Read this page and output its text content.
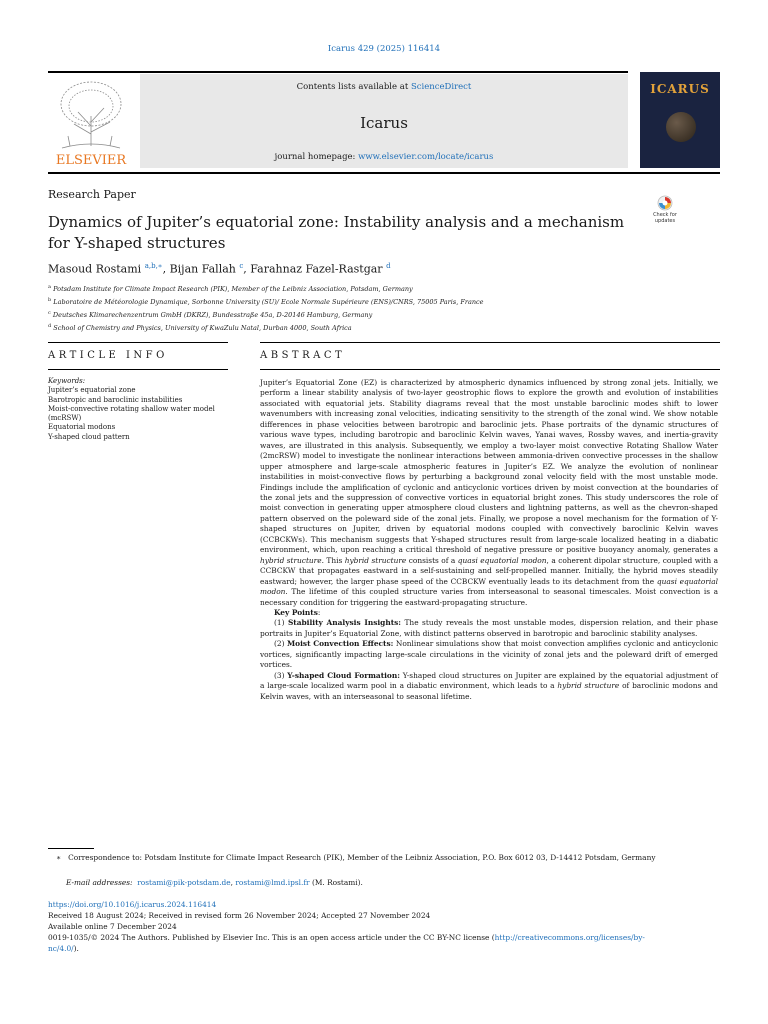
Icarus 429 (2025) 116414
ELSEVIER
Contents lists available at ScienceDirect
Icarus
journal homepage: www.elsevier.com/locate/icarus
ICARUS
Research Paper
Dynamics of Jupiter’s equatorial zone: Instability analysis and a mechanism for Y-shaped structures
Check for
updates
Masoud Rostami $^{a,b,∗}$, Bijan Fallah $^c$, Farahnaz Fazel-Rastgar $^d$
$^a$ Potsdam Institute for Climate Impact Research (PIK), Member of the Leibniz Association, Potsdam, Germany
$^b$ Laboratoire de Météorologie Dynamique, Sorbonne University (SU)/ Ecole Normale Supérieure (ENS)/CNRS, 75005 Paris, France
$^c$ Deutsches Klimarechenzentrum GmbH (DKRZ), Bundesstraße 45a, D-20146 Hamburg, Germany
$^d$ School of Chemistry and Physics, University of KwaZulu Natal, Durban 4000, South Africa
ARTICLE INFO
Keywords:
Jupiter’s equatorial zone
Barotropic and baroclinic instabilities
Moist-convective rotating shallow water model
(mcRSW)
Equatorial modons
Y-shaped cloud pattern
ABSTRACT

Jupiter’s Equatorial Zone (EZ) is characterized by atmospheric dynamics influenced by strong zonal jets. Initially, we perform a linear stability analysis of two-layer geostrophic flows to explore the growth and evolution of instabilities associated with equatorial jets. Stability diagrams reveal that the most unstable baroclinic modes shift to lower wavenumbers with increasing zonal velocities, indicating sensitivity to the strength of the zonal wind. We show notable differences in phase velocities between barotropic and baroclinic jets. Phase portraits of the dynamic structures of various wave types, including barotropic and baroclinic Kelvin waves, Yanai waves, Rossby waves, and inertia-gravity waves, are illustrated in this analysis. Subsequently, we employ a two-layer moist convective Rotating Shallow Water (2mcRSW) model to investigate the nonlinear interactions between ammonia-driven convective processes in the shallow upper atmosphere and large-scale atmospheric features in Jupiter’s EZ. We analyze the evolution of nonlinear instabilities in moist-convective flows by perturbing a background zonal velocity field with the most unstable mode. Findings include the amplification of cyclonic and anticyclonic vortices driven by moist convection at the boundaries of the zonal jets and the suppression of convective vortices in equatorial bright zones. This study underscores the role of moist convection in generating upper atmosphere cloud clusters and lightning patterns, as well as the chevron-shaped pattern observed on the poleward side of the zonal jets. Finally, we propose a novel mechanism for the formation of Y-shaped structures on Jupiter, driven by equatorial modons coupled with convectively baroclinic Kelvin waves (CCBCKWs). This mechanism suggests that Y-shaped structures result from large-scale localized heating in a diabatic environment, which, upon reaching a critical threshold of negative pressure or positive buoyancy anomaly, generates a hybrid structure. This hybrid structure consists of a quasi equatorial modon, a coherent dipolar structure, coupled with a CCBCKW that propagates eastward in a self-sustaining and self-propelled manner. Initially, the hybrid moves steadily eastward; however, the larger phase speed of the CCBCKW eventually leads to its detachment from the quasi equatorial modon. The lifetime of this coupled structure varies from interseasonal to seasonal timescales. Moist convection is a necessary condition for triggering the eastward-propagating structure.

Key Points:

(1) Stability Analysis Insights: The study reveals the most unstable modes, dispersion relation, and their phase portraits in Jupiter’s Equatorial Zone, with distinct patterns observed in barotropic and baroclinic stability analyses.

(2) Moist Convection Effects: Nonlinear simulations show that moist convection amplifies cyclonic and anticyclonic vortices, significantly impacting large-scale circulations in the vicinity of zonal jets and the poleward drift of emerged vortices.

(3) Y-shaped Cloud Formation: Y-shaped cloud structures on Jupiter are explained by the equatorial adjustment of a large-scale localized warm pool in a diabatic environment, which leads to a hybrid structure of baroclinic modons and Kelvin waves, with an interseasonal to seasonal lifetime.

∗ Correspondence to: Potsdam Institute for Climate Impact Research (PIK), Member of the Leibniz Association, P.O. Box 6012 03, D-14412 Potsdam, Germany
E-mail addresses: rostami@pik-potsdam.de, rostami@lmd.ipsl.fr (M. Rostami).
https://doi.org/10.1016/j.icarus.2024.116414
Received 18 August 2024; Received in revised form 26 November 2024; Accepted 27 November 2024
Available online 7 December 2024
0019-1035/© 2024 The Authors. Published by Elsevier Inc. This is an open access article under the CC BY-NC license (http://creativecommons.org/licenses/by-
nc/4.0/).
